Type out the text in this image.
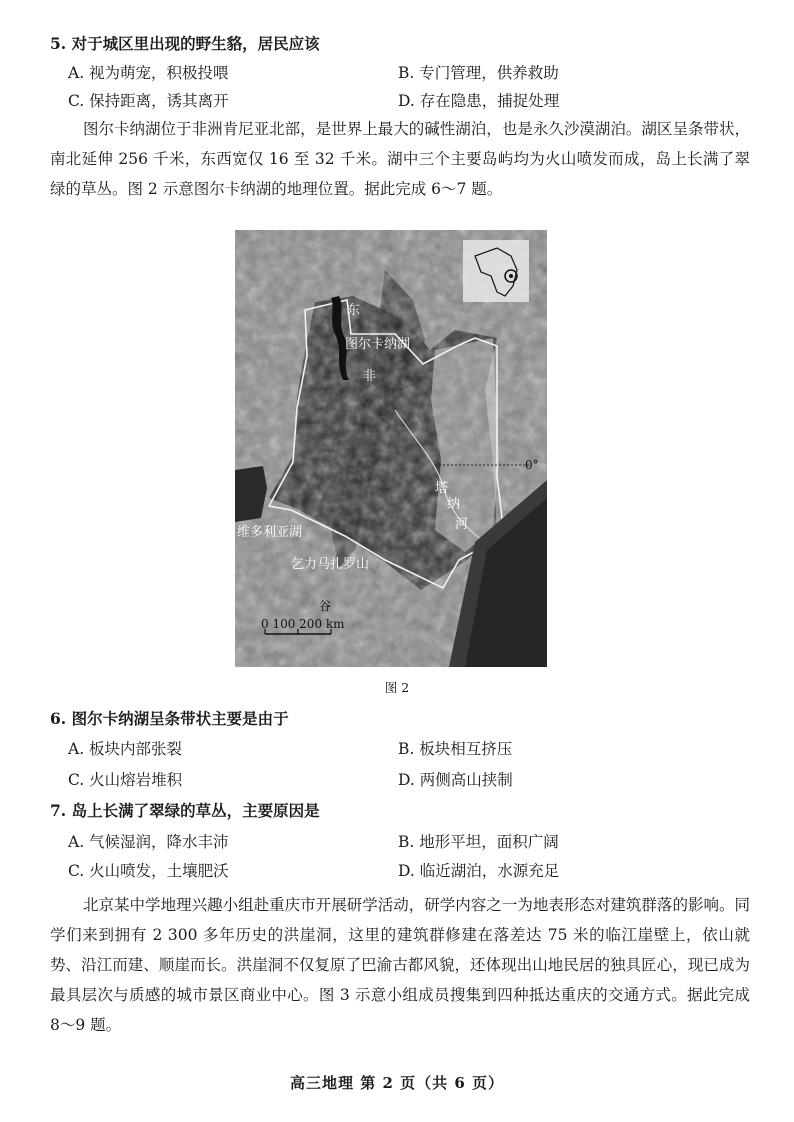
5. 对于城区里出现的野生貉，居民应该
A. 视为萌宠，积极投喂	B. 专门管理，供养救助
C. 保持距离，诱其离开	D. 存在隐患，捕捉处理
图尔卡纳湖位于非洲肯尼亚北部，是世界上最大的碱性湖泊，也是永久沙漠湖泊。湖区呈条带状，南北延伸 256 千米，东西宽仅 16 至 32 千米。湖中三个主要岛屿均为火山喷发而成，岛上长满了翠绿的草丛。图 2 示意图尔卡纳湖的地理位置。据此完成 6～7 题。
东
图尔卡纳湖
非
0°
塔
纳
河
维多利亚湖
乞力马扎罗山
谷
0 100 200 km
图 2
6. 图尔卡纳湖呈条带状主要是由于
A. 板块内部张裂	B. 板块相互挤压
C. 火山熔岩堆积	D. 两侧高山挟制
7. 岛上长满了翠绿的草丛，主要原因是
A. 气候湿润，降水丰沛	B. 地形平坦，面积广阔
C. 火山喷发，土壤肥沃	D. 临近湖泊，水源充足
北京某中学地理兴趣小组赴重庆市开展研学活动，研学内容之一为地表形态对建筑群落的影响。同学们来到拥有 2 300 多年历史的洪崖洞，这里的建筑群修建在落差达 75 米的临江崖壁上，依山就势、沿江而建、顺崖而长。洪崖洞不仅复原了巴渝古都风貌，还体现出山地民居的独具匠心，现已成为最具层次与质感的城市景区商业中心。图 3 示意小组成员搜集到四种抵达重庆的交通方式。据此完成 8～9 题。
高三地理 第 2 页（共 6 页）
